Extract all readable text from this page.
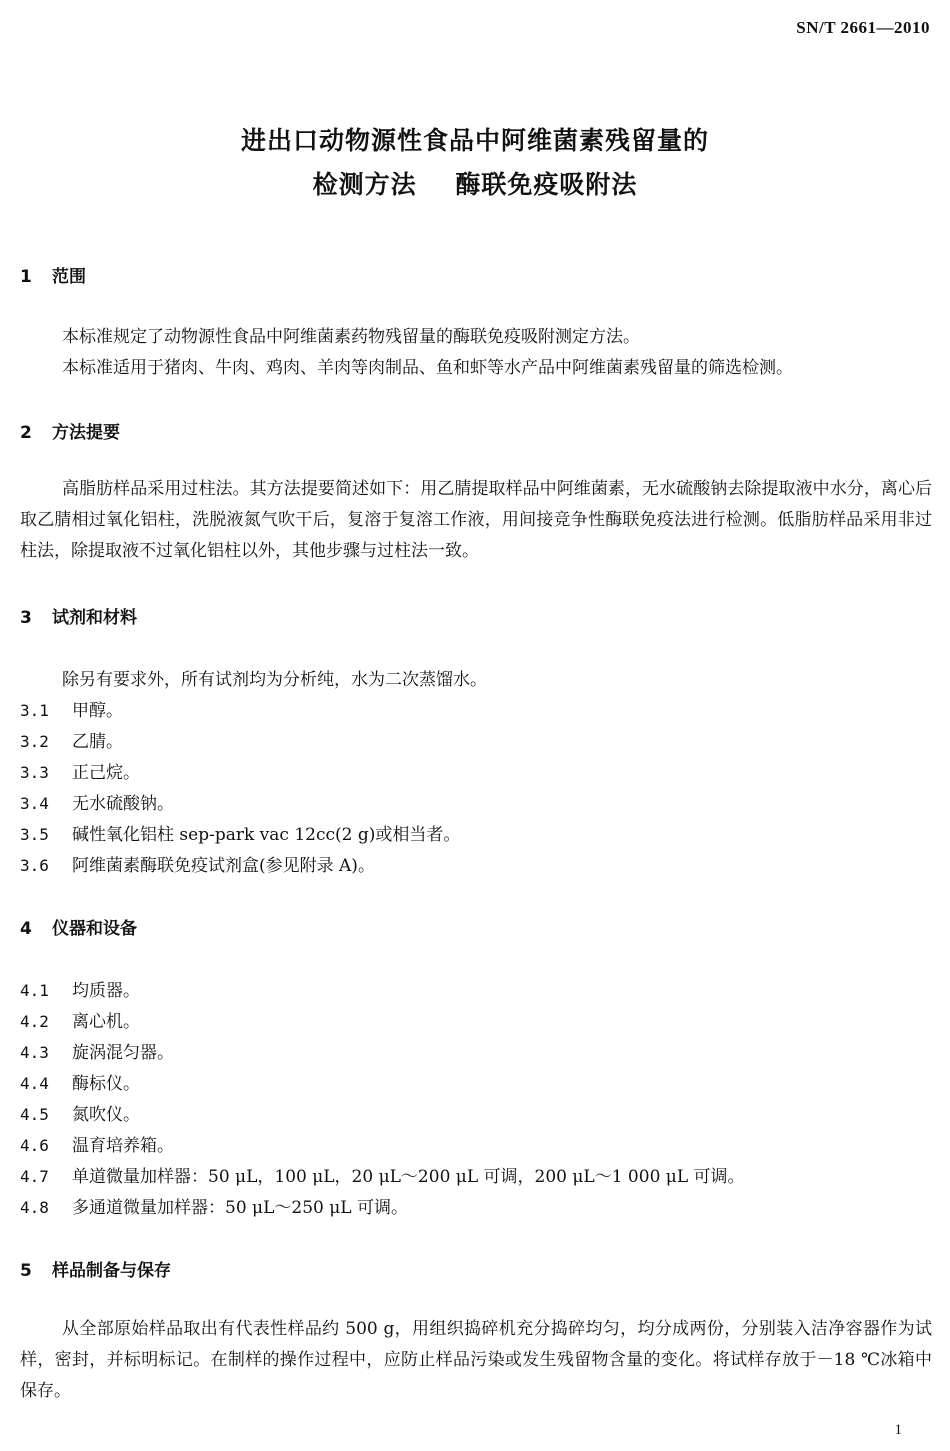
SN/T 2661—2010
进出口动物源性食品中阿维菌素残留量的
检测方法    酶联免疫吸附法
1 范围
本标准规定了动物源性食品中阿维菌素药物残留量的酶联免疫吸附测定方法。
本标准适用于猪肉、牛肉、鸡肉、羊肉等肉制品、鱼和虾等水产品中阿维菌素残留量的筛选检测。
2 方法提要
高脂肪样品采用过柱法。其方法提要简述如下：用乙腈提取样品中阿维菌素，无水硫酸钠去除提取液中水分，离心后取乙腈相过氧化铝柱，洗脱液氮气吹干后，复溶于复溶工作液，用间接竞争性酶联免疫法进行检测。低脂肪样品采用非过柱法，除提取液不过氧化铝柱以外，其他步骤与过柱法一致。
3 试剂和材料
除另有要求外，所有试剂均为分析纯，水为二次蒸馏水。
3.1 甲醇。
3.2 乙腈。
3.3 正己烷。
3.4 无水硫酸钠。
3.5 碱性氧化铝柱 sep-park vac 12cc(2 g)或相当者。
3.6 阿维菌素酶联免疫试剂盒(参见附录 A)。
4 仪器和设备
4.1 均质器。
4.2 离心机。
4.3 旋涡混匀器。
4.4 酶标仪。
4.5 氮吹仪。
4.6 温育培养箱。
4.7 单道微量加样器：50 μL，100 μL，20 μL～200 μL 可调，200 μL～1 000 μL 可调。
4.8 多通道微量加样器：50 μL～250 μL 可调。
5 样品制备与保存
从全部原始样品取出有代表性样品约 500 g，用组织捣碎机充分捣碎均匀，均分成两份，分别装入洁净容器作为试样，密封，并标明标记。在制样的操作过程中，应防止样品污染或发生残留物含量的变化。将试样存放于－18 ℃冰箱中保存。
1
